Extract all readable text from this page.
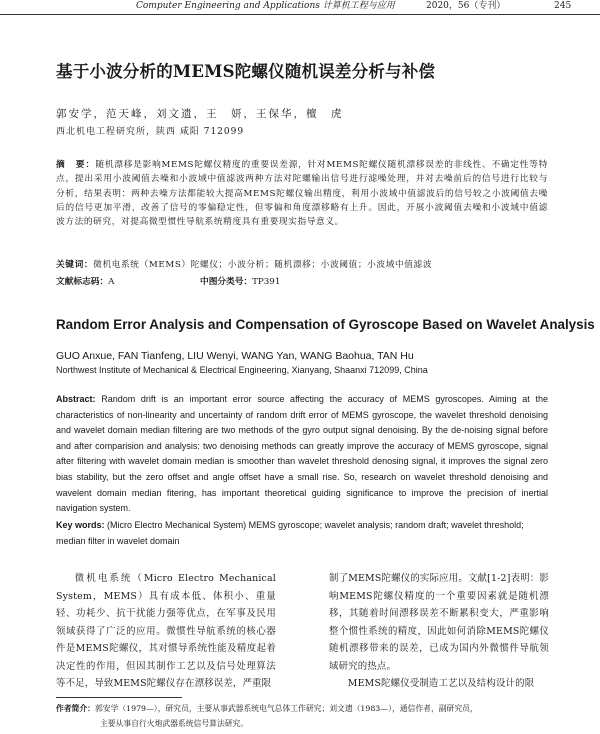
Computer Engineering and Applications 计算机工程与应用	2020，56（专刊）	245
基于小波分析的MEMS陀螺仪随机误差分析与补偿
郭安学，范天峰，刘文遗，王　妍，王保华，檀　虎
西北机电工程研究所，陕西 咸阳 712099
摘　要：随机漂移是影响MEMS陀螺仪精度的重要误差源，针对MEMS陀螺仪随机漂移误差的非线性、不确定性等特点，提出采用小波阈值去噪和小波域中值滤波两种方法对陀螺输出信号进行滤噪处理，并对去噪前后的信号进行比较与分析，结果表明：两种去噪方法都能较大提高MEMS陀螺仪输出精度，利用小波域中值滤波后的信号较之小波阈值去噪后的信号更加平滑，改善了信号的零偏稳定性，但零偏和角度漂移略有上升。因此，开展小波阈值去噪和小波域中值滤波方法的研究，对提高微型惯性导航系统精度具有重要现实指导意义。
关键词：微机电系统（MEMS）陀螺仪；小波分析；随机漂移；小波阈值；小波域中值滤波
文献标志码：A	中图分类号：TP391
Random Error Analysis and Compensation of Gyroscope Based on Wavelet Analysis
GUO Anxue, FAN Tianfeng, LIU Wenyi, WANG Yan, WANG Baohua, TAN Hu
Northwest Institute of Mechanical & Electrical Engineering, Xianyang, Shaanxi 712099, China
Abstract: Random drift is an important error source affecting the accuracy of MEMS gyroscopes. Aiming at the characteristics of non-linearity and uncertainty of random drift error of MEMS gyroscope, the wavelet threshold denoising and wavelet domain median filtering are two methods of the gyro output signal denoising. By the de-noising signal before and after comparision and analysis: two denoising methods can greatly improve the accuracy of MEMS gyroscope, signal after filtering with wavelet domain median is smoother than wavelet threshold denosing signal, it improves the signal zero bias stability, but the zero offset and angle offset have a small rise. So, research on wavelet threshold denoising and wavelent domain median fitering, has important theoretical guiding significance to improve the precision of inertial navigation system.
Key words: (Micro Electro Mechanical System) MEMS gyroscope; wavelet analysis; random draft; wavelet threshold; median filter in wavelet domain
微机电系统（Micro Electro Mechanical System，MEMS）具有成本低、体积小、重量轻、功耗少、抗干扰能力强等优点，在军事及民用领域获得了广泛的应用。微惯性导航系统的核心器件是MEMS陀螺仪，其对惯导系统性能及精度起着决定性的作用，但因其制作工艺以及信号处理算法等不足，导致MEMS陀螺仪存在漂移误差，严重限

制了MEMS陀螺仪的实际应用。文献[1-2]表明：影响MEMS陀螺仪精度的一个重要因素就是随机漂移，其随着时间漂移误差不断累积变大，严重影响整个惯性系统的精度，因此如何消除MEMS陀螺仪随机漂移带来的误差，已成为国内外微惯件导航领域研究的热点。

MEMS陀螺仪受制造工艺以及结构设计的限

作者简介：郭安学（1979—），研究员，主要从事武器系统电气总体工作研究；刘文遗（1983—），通信作者，副研究员，
主要从事自行火炮武器系统信号算法研究。
